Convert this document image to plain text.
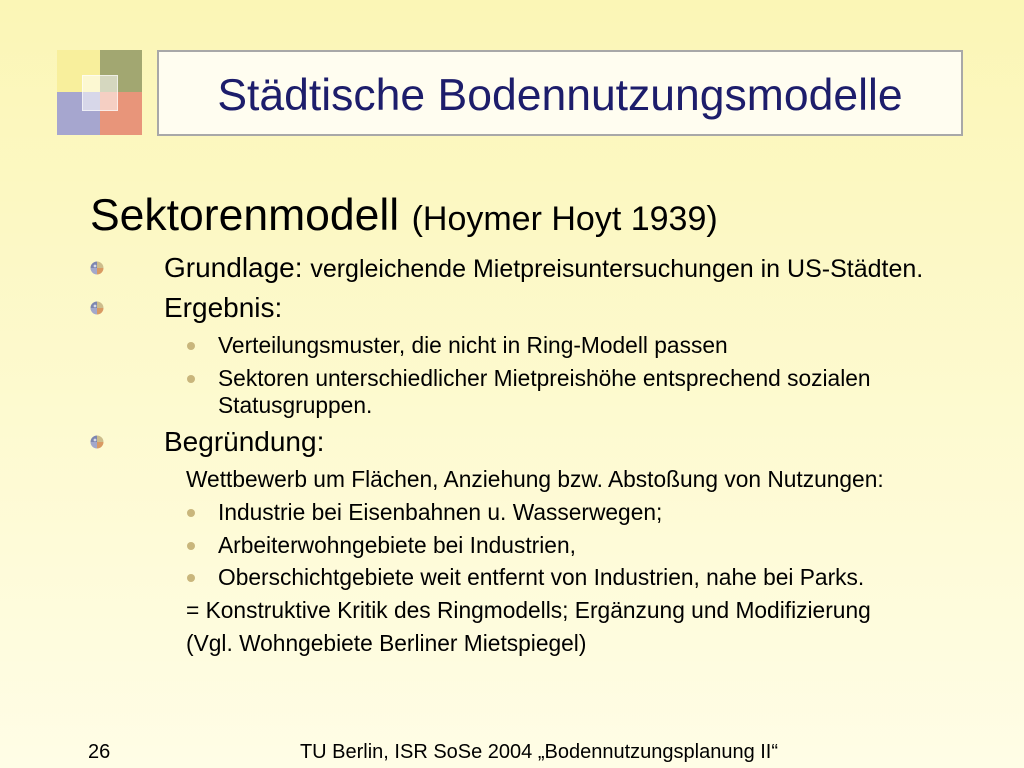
Städtische Bodennutzungsmodelle
Sektorenmodell (Hoymer Hoyt 1939)
Grundlage: vergleichende Mietpreisuntersuchungen in US-Städten.
Ergebnis:
Verteilungsmuster, die nicht in Ring-Modell passen
Sektoren unterschiedlicher Mietpreishöhe entsprechend sozialen Statusgruppen.
Begründung:
Wettbewerb um Flächen, Anziehung bzw. Abstoßung von Nutzungen:
Industrie bei Eisenbahnen u. Wasserwegen;
Arbeiterwohngebiete bei Industrien,
Oberschichtgebiete weit entfernt von Industrien, nahe bei Parks.
= Konstruktive Kritik des Ringmodells; Ergänzung und Modifizierung
(Vgl. Wohngebiete Berliner Mietspiegel)
26	TU Berlin, ISR SoSe 2004 „Bodennutzungsplanung II“
